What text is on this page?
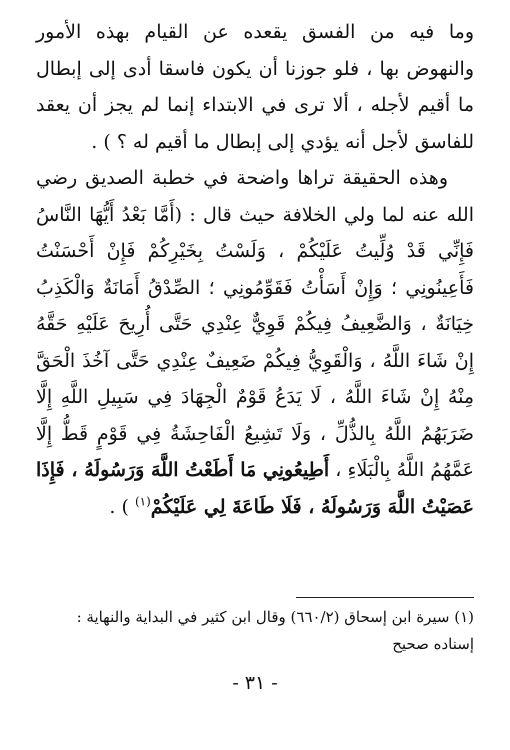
وما فيه من الفسق يقعده عن القيام بهذه الأمور والنهوض بها ، فلو جوزنا أن يكون فاسقا أدى إلى إبطال ما أقيم لأجله ، ألا ترى في الابتداء إنما لم يجز أن يعقد للفاسق لأجل أنه يؤدي إلى إبطال ما أقيم له ؟ ) .

وهذه الحقيقة تراها واضحة في خطبة الصديق رضي الله عنه لما ولي الخلافة حيث قال : (أَمَّا بَعْدُ أَيُّهَا النَّاسُ فَإِنِّي قَدْ وُلِّيتُ عَلَيْكُمْ ، وَلَسْتُ بِخَيْرِكُمْ فَإِنْ أَحْسَنْتُ فَأَعِينُونِي ؛ وَإِنْ أَسَأْتُ فَقَوِّمُونِي ؛ الصِّدْقُ أَمَانَةٌ وَالْكَذِبُ خِيَانَةٌ ، وَالضَّعِيفُ فِيكُمْ قَوِيٌّ عِنْدِي حَتَّى أُرِيحَ عَلَيْهِ حَقَّهُ إِنْ شَاءَ اللَّهُ ، وَالْقَوِيُّ فِيكُمْ ضَعِيفٌ عِنْدِي حَتَّى آخُذَ الْحَقَّ مِنْهُ إِنْ شَاءَ اللَّهُ ، لَا يَدَعُ قَوْمٌ الْجِهَادَ فِي سَبِيلِ اللَّهِ إِلَّا ضَرَبَهُمُ اللَّهُ بِالذُّلِّ ، وَلَا تَشِيعُ الْفَاحِشَةُ فِي قَوْمٍ قَطُّ إِلَّا عَمَّهُمُ اللَّهُ بِالْبَلَاءِ ، أَطِيعُونِي مَا أَطَعْتُ اللَّهَ وَرَسُولَهُ ، فَإِذَا عَصَيْتُ اللَّهَ وَرَسُولَهُ ، فَلَا طَاعَةَ لِي عَلَيْكُمْ$^{(١)}$ ) .

(١) سيرة ابن إسحاق (٦٦٠/٢) وقال ابن كثير في البداية والنهاية :

إسناده صحيح

- ٣١ -
